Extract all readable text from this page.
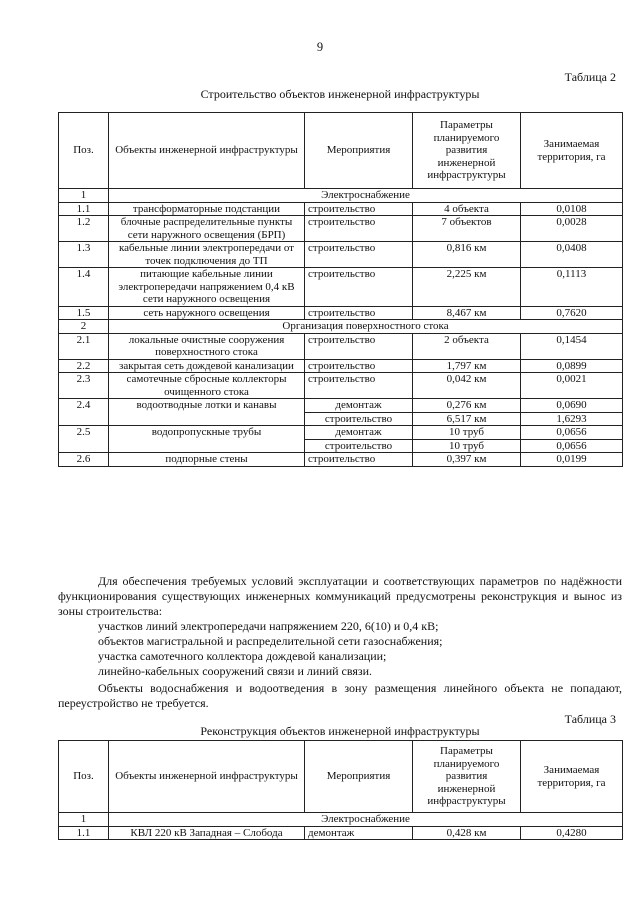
9
Таблица 2
Строительство объектов инженерной инфраструктуры
Поз.	Объекты инженерной инфраструктуры	Мероприятия	Параметры планируемого развития инженерной инфраструктуры	Занимаемая территория, га
1	Электроснабжение			
1.1	трансформаторные подстанции	строительство	4 объекта	0,0108
1.2	блочные распределительные пункты сети наружного освещения (БРП)	строительство	7 объектов	0,0028
1.3	кабельные линии электропередачи от точек подключения до ТП	строительство	0,816 км	0,0408
1.4	питающие кабельные линии электропередачи напряжением 0,4 кВ сети наружного освещения	строительство	2,225 км	0,1113
1.5	сеть наружного освещения	строительство	8,467 км	0,7620
2	Организация поверхностного стока			
2.1	локальные очистные сооружения поверхностного стока	строительство	2 объекта	0,1454
2.2	закрытая сеть дождевой канализации	строительство	1,797 км	0,0899
2.3	самотечные сбросные коллекторы очищенного стока	строительство	0,042 км	0,0021
2.4	водоотводные лотки и канавы	демонтаж	0,276 км	0,0690
		строительство	6,517 км	1,6293
2.5	водопропускные трубы	демонтаж	10 труб	0,0656
		строительство	10 труб	0,0656
2.6	подпорные стены	строительство	0,397 км	0,0199
Для обеспечения требуемых условий эксплуатации и соответствующих параметров по надёжности функционирования существующих инженерных коммуникаций предусмотрены реконструкция и вынос из зоны строительства:
участков линий электропередачи напряжением 220, 6(10) и 0,4 кВ;
объектов магистральной и распределительной сети газоснабжения;
участка самотечного коллектора дождевой канализации;
линейно-кабельных сооружений связи и линий связи.
Объекты водоснабжения и водоотведения в зону размещения линейного объекта не попадают, переустройство не требуется.
Таблица 3
Реконструкция объектов инженерной инфраструктуры
Поз.	Объекты инженерной инфраструктуры	Мероприятия	Параметры планируемого развития инженерной инфраструктуры	Занимаемая территория, га
1	Электроснабжение			
1.1	КВЛ 220 кВ Западная – Слобода	демонтаж	0,428 км	0,4280
